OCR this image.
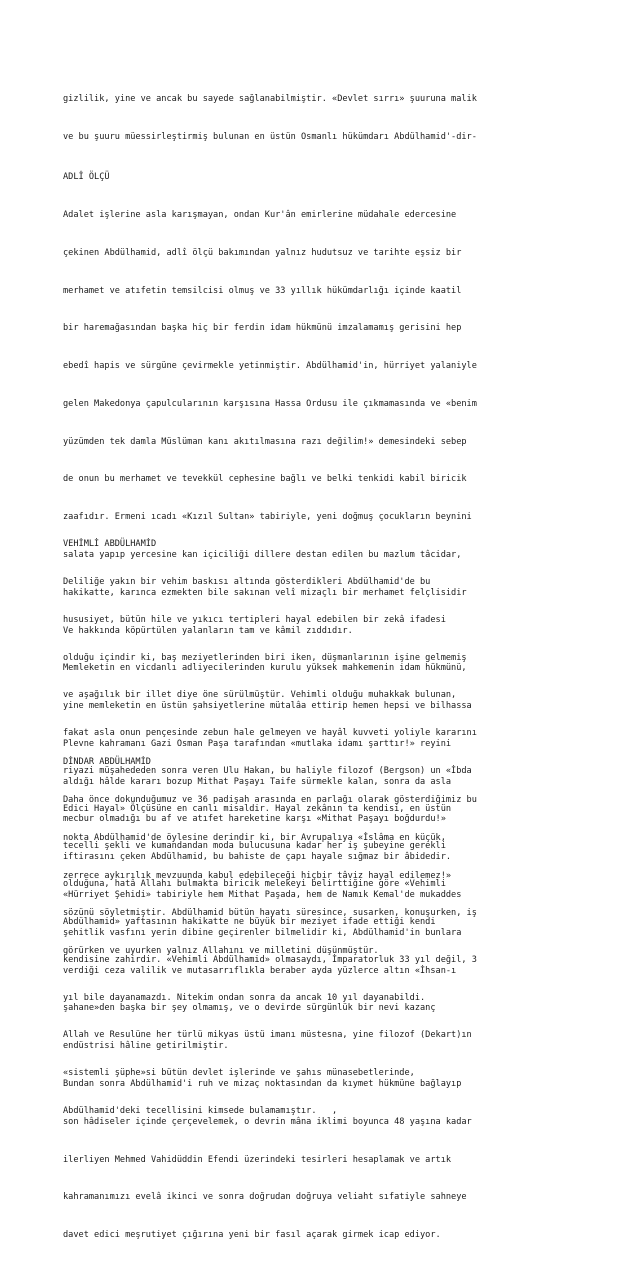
gizlilik, yine ve ancak bu sayede sağlanabilmiştir. «Devlet sırrı» şuuruna malik

ve bu şuuru müessirleştirmiş bulunan en üstün Osmanlı hükümdarı Abdülhamid'-dir-

ADLÎ ÖLÇÜ

Adalet işlerine asla karışmayan, ondan Kur'ân emirlerine müdahale edercesine

çekinen Abdülhamid, adlî ölçü bakımından yalnız hudutsuz ve tarihte eşsiz bir

merhamet ve atıfetin temsilcisi olmuş ve 33 yıllık hükümdarlığı içinde kaatil

bir haremağasından başka hiç bir ferdin idam hükmünü imzalamamış gerisini hep

ebedî hapis ve sürgüne çevirmekle yetinmiştir. Abdülhamid'in, hürriyet yalaniyle

gelen Makedonya çapulcularının karşısına Hassa Ordusu ile çıkmamasında ve «benim

yüzümden tek damla Müslüman kanı akıtılmasına razı değilim!» demesindeki sebep

de onun bu merhamet ve tevekkül cephesine bağlı ve belki tenkidi kabil biricik

zaafıdır. Ermeni ıcadı «Kızıl Sultan» tabiriyle, yeni doğmuş çocukların beynini

salata yapıp yercesine kan içiciliği dillere destan edilen bu mazlum tâcidar,

hakikatte, karınca ezmekten bile sakınan velî mizaçlı bir merhamet felçlisidir

Ve hakkında köpürtülen yalanların tam ve kâmil zıddıdır.

Memleketin en vicdanlı adliyecilerinden kurulu yüksek mahkemenin idam hükmünü,

yine memleketin en üstün şahsiyetlerine mütalâa ettirip hemen hepsi ve bilhassa

Plevne kahramanı Gazi Osman Paşa tarafından «mutlaka idamı şarttır!» reyini

aldığı hâlde kararı bozup Mithat Paşayı Taife sürmekle kalan, sonra da asla

mecbur olmadığı bu af ve atıfet hareketine karşı «Mithat Paşayı boğdurdu!»

iftirasını çeken Abdülhamid, bu bahiste de çapı hayale sığmaz bir âbidedir.

«Hürriyet Şehidi» tabiriyle hem Mithat Paşada, hem de Namık Kemal'de mukaddes

şehitlik vasfını yerin dibine geçirenler bilmelidir ki, Abdülhamid'in bunlara

verdiği ceza valilik ve mutasarrıflıkla beraber ayda yüzlerce altın «İhsan-ı

şahane»den başka bir şey olmamış, ve o devirde sürgünlük bir nevi kazanç

endüstrisi hâline getirilmiştir.

Bundan sonra Abdülhamid'i ruh ve mizaç noktasından da kıymet hükmüne bağlayıp

son hâdiseler içinde çerçevelemek, o devrin mâna iklimi boyunca 48 yaşına kadar

ilerliyen Mehmed Vahidüddin Efendi üzerindeki tesirleri hesaplamak ve artık

kahramanımızı evelâ ikinci ve sonra doğrudan doğruya veliaht sıfatiyle sahneye

davet edici meşrutiyet çığırına yeni bir fasıl açarak girmek icap ediyor.

VEHİMLİ ABDÜLHAMİD

Deliliğe yakın bir vehim baskısı altında gösterdikleri Abdülhamid'de bu

hususiyet, bütün hile ve yıkıcı tertipleri hayal edebilen bir zekâ ifadesi

olduğu içindir ki, baş meziyetlerinden biri iken, düşmanlarının işine gelmemiş

ve aşağılık bir illet diye öne sürülmüştür. Vehimli olduğu muhakkak bulunan,

fakat asla onun pençesinde zebun hale gelmeyen ve hayâl kuvveti yoliyle kararını

riyazi müşahededen sonra veren Ulu Hakan, bu haliyle filozof (Bergson) un «İbda

Edici Hayal» Ölçüsüne en canlı misaldir. Hayal zekânın ta kendisi, en üstün

tecelli şekli ve kumandandan moda bulucusuna kadar her iş şubeyine gerekli

olduğuna, hatâ Allahı bulmakta biricik melekeyi belirttiğine göre «Vehimli

Abdülhamid» yaftasının hakikatte ne büyük bir meziyet ifade ettiği kendi

kendisine zahirdir. «Vehimli Abdülhamid» olmasaydı, İmparatorluk 33 yıl değil, 3

yıl bile dayanamazdı. Nitekim ondan sonra da ancak 10 yıl dayanabildi.

Allah ve Resulüne her türlü mikyas üstü imanı müstesna, yine filozof (Dekart)ın

«sistemli şüphe»si bütün devlet işlerinde ve şahıs münasebetlerinde,

Abdülhamid'deki tecellisini kimsede bulamamıştır.   ,

DİNDAR ABDÜLHAMİD

Daha önce dokunduğumuz ve 36 padişah arasında en parlağı olarak gösterdiğimiz bu

nokta Abdülhamid'de öylesine derindir ki, bir Avrupalıya «İslâma en küçük,

zerrece aykırılık mevzuunda kabul edebileceği hiçbir tâviz hayal edilemez!»

sözünü söyletmiştir. Abdülhamid bütün hayatı süresince, susarken, konuşurken, iş

görürken ve uyurken yalnız Allahını ve milletini düşünmüştür.
